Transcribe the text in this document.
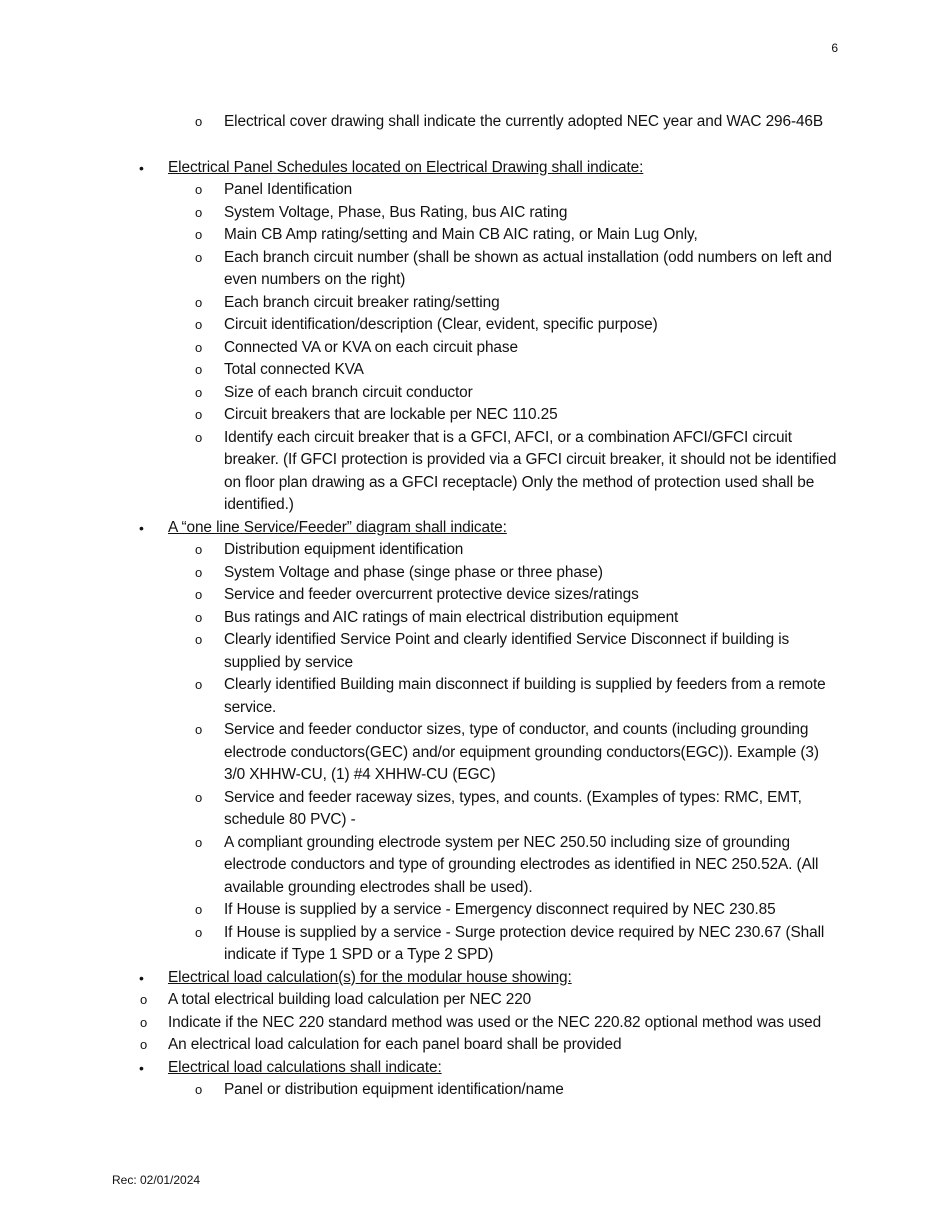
6
o Electrical cover drawing shall indicate the currently adopted NEC year and WAC 296-46B
• Electrical Panel Schedules located on Electrical Drawing shall indicate:
o Panel Identification
o System Voltage, Phase, Bus Rating, bus AIC rating
o Main CB Amp rating/setting and Main CB AIC rating, or Main Lug Only,
o Each branch circuit number (shall be shown as actual installation (odd numbers on left and even numbers on the right)
o Each branch circuit breaker rating/setting
o Circuit identification/description (Clear, evident, specific purpose)
o Connected VA or KVA on each circuit phase
o Total connected KVA
o Size of each branch circuit conductor
o Circuit breakers that are lockable per NEC 110.25
o Identify each circuit breaker that is a GFCI, AFCI, or a combination AFCI/GFCI circuit breaker. (If GFCI protection is provided via a GFCI circuit breaker, it should not be identified on floor plan drawing as a GFCI receptacle) Only the method of protection used shall be identified.)
• A “one line Service/Feeder” diagram shall indicate:
o Distribution equipment identification
o System Voltage and phase (singe phase or three phase)
o Service and feeder overcurrent protective device sizes/ratings
o Bus ratings and AIC ratings of main electrical distribution equipment
o Clearly identified Service Point and clearly identified Service Disconnect if building is supplied by service
o Clearly identified Building main disconnect if building is supplied by feeders from a remote service.
o Service and feeder conductor sizes, type of conductor, and counts (including grounding electrode conductors(GEC) and/or equipment grounding conductors(EGC)). Example (3) 3/0 XHHW-CU, (1) #4 XHHW-CU (EGC)
o Service and feeder raceway sizes, types, and counts. (Examples of types: RMC, EMT, schedule 80 PVC) -
o A compliant grounding electrode system per NEC 250.50 including size of grounding electrode conductors and type of grounding electrodes as identified in NEC 250.52A. (All available grounding electrodes shall be used).
o If House is supplied by a service - Emergency disconnect required by NEC 230.85
o If House is supplied by a service - Surge protection device required by NEC 230.67 (Shall indicate if Type 1 SPD or a Type 2 SPD)
• Electrical load calculation(s) for the modular house showing:
o A total electrical building load calculation per NEC 220
o Indicate if the NEC 220 standard method was used or the NEC 220.82 optional method was used
o An electrical load calculation for each panel board shall be provided
• Electrical load calculations shall indicate:
o Panel or distribution equipment identification/name
Rec: 02/01/2024
